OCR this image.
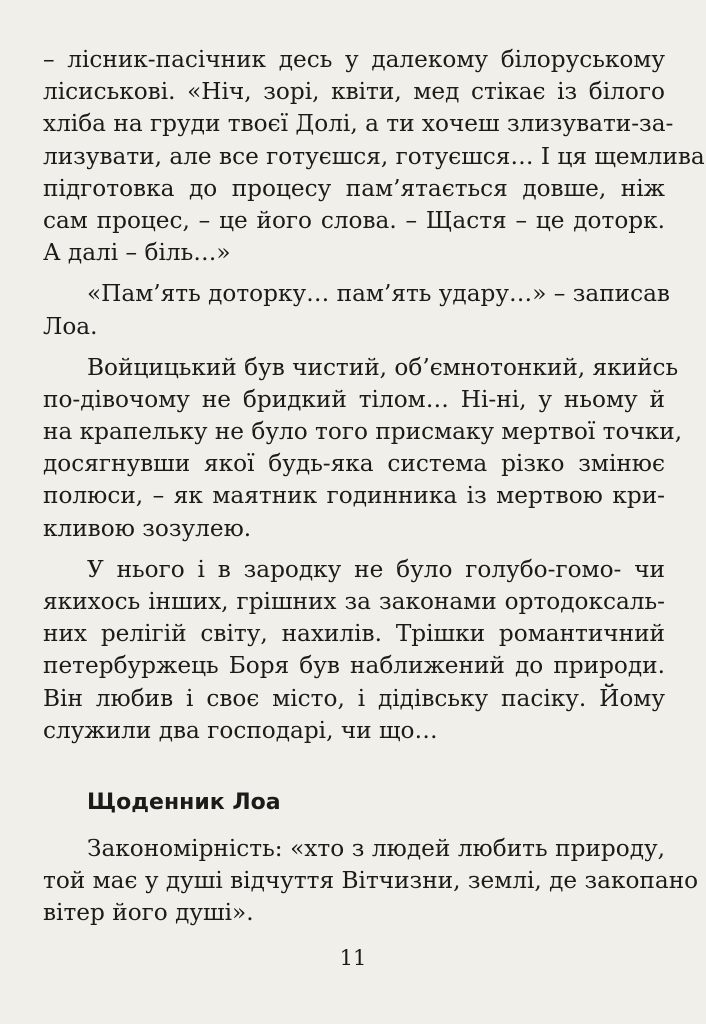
– лісник-пасічник десь у далекому білоруському
лісиськові. «Ніч, зорі, квіти, мед стікає із білого
хліба на груди твоєї Долі, а ти хочеш злизувати-за-
лизувати, але все готуєшся, готуєшся… І ця щемлива
підготовка до процесу пам’ятається довше, ніж
сам процес, – це його слова. – Щастя – це доторк.
А далі – біль…»
«Пам’ять доторку… пам’ять удару…» – записав
Лоа.
Войцицький був чистий, об’ємнотонкий, якийсь
по-дівочому не бридкий тілом… Ні-ні, у ньому й
на крапельку не було того присмаку мертвої точки,
досягнувши якої будь-яка система різко змінює
полюси, – як маятник годинника із мертвою кри-
кливою зозулею.
У нього і в зародку не було голубо-гомо- чи
якихось інших, грішних за законами ортодоксаль-
них релігій світу, нахилів. Трішки романтичний
петербуржець Боря був наближений до природи.
Він любив і своє місто, і дідівську пасіку. Йому
служили два господарі, чи що…
Щоденник Лоа
Закономірність: «хто з людей любить природу,
той має у душі відчуття Вітчизни, землі, де закопано
вітер його душі».
11
